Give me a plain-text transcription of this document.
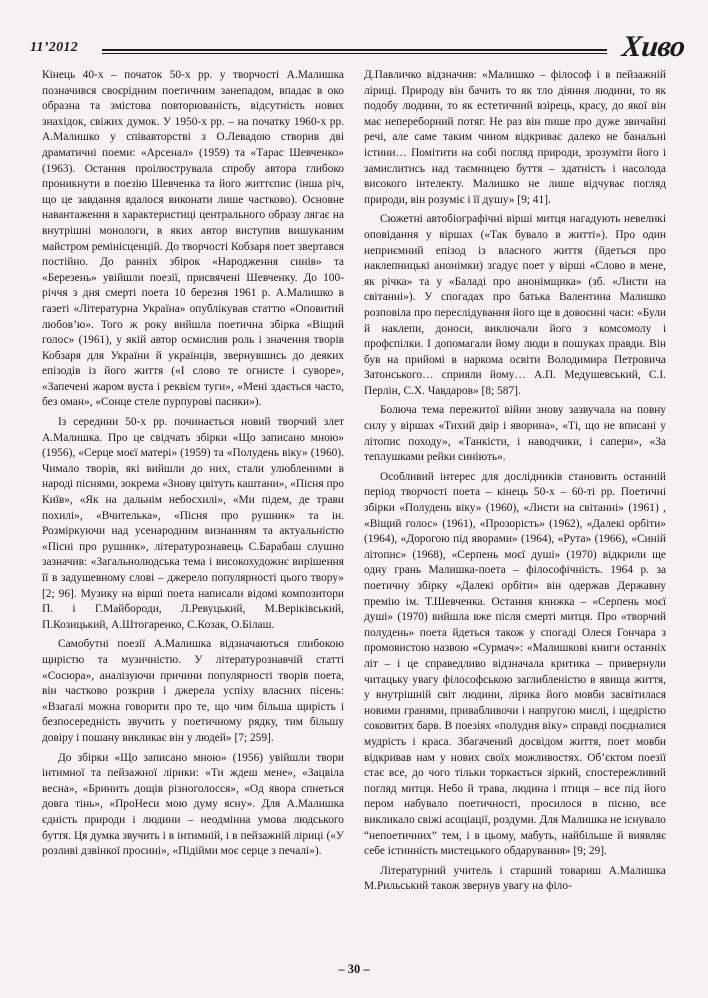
11’2012	Хиво

Кінець 40-х – початок 50-х рр. у творчості А.Малишка позначився своєрідним поетичним занепадом, впадає в око образна та змістова повторюваність, відсутність нових знахідок, свіжих думок. У 1950-х рр. – на початку 1960-х рр. А.Малишко у співавторстві з О.Левадою створив дві драматичні поеми: «Арсенал» (1959) та «Тарас Шевченко» (1963). Остання проілюструвала спробу автора глибоко проникнути в поезію Шевченка та його життєпис (інша річ, що це завдання вдалося виконати лише частково). Основне навантаження в характеристиці центрального образу лягає на внутрішні монологи, в яких автор виступив вишуканим майстром ремінісценцій. До творчості Кобзаря поет звертався постійно. До ранніх збірок «Народження синів» та «Березень» увійшли поезії, присвячені Шевченку. До 100-річчя з дня смерті поета 10 березня 1961 р. А.Малишко в газеті «Літературна Україна» опублікував статтю «Оповитий любов’ю». Того ж року вийшла поетична збірка «Віщий голос» (1961), у якій автор осмислив роль і значення творів Кобзаря для України й українців, звернувшись до деяких епізодів із його життя («І слово те огнисте і суворе», «Запечені жаром вуста і реквієм туги», «Мені здається часто, без оман», «Сонце стеле пурпурові пасики»).

Із середини 50-х рр. починається новий творчий злет А.Малишка. Про це свідчать збірки «Що записано мною» (1956), «Серце моєї матері» (1959) та «Полудень віку» (1960). Чимало творів, які вийшли до них, стали улюбленими в народі піснями, зокрема «Знову цвітуть каштани», «Пісня про Київ», «Як на дальнім небосхилі», «Ми підем, де трави похилі», «Вчителька», «Пісня про рушник» та ін. Розміркуючи над усенародним визнанням та актуальністю «Пісні про рушник», літературознавець С.Барабаш слушно зазначив: «Загальнолюдська тема і високохудожнє вирішення її в задушевному слові – джерело популярності цього твору» [2; 96]. Музику на вірші поета написали відомі композитори П. і Г.Майбороди, Л.Ревуцький, М.Веріківський, П.Козицький, А.Штогаренко, С.Козак, О.Білаш.

Самобутні поезії А.Малишка відзначаються глибокою щирістю та музичністю. У літературознавчій статті «Сосюра», аналізуючи причини популярності творів поета, він частково розкрив і джерела успіху власних пісень: «Взагалі можна говорити про те, що чим більша щирість і безпосередність звучить у поетичному рядку, тим більшу довіру і пошану викликає він у людей» [7; 259].

До збірки «Що записано мною» (1956) увійшли твори інтимної та пейзажної лірики: «Ти ждеш мене», «Зацвіла весна», «Бринить дощів різноголосся», «Од явора спнеться довга тінь», «ПроНеси мою думу ясну». Для А.Малишка єдність природи і людини – неодмінна умова людського буття. Ця думка звучить і в інтимній, і в пейзажній ліриці («У розливі дзвінкої просині», «Підійми моє серце з печалі»).

Д.Павличко відзначив: «Малишко – філософ і в пейзажній ліриці. Природу він бачить то як тло діяння людини, то як подобу людини, то як естетичний взірець, красу, до якої він має непереборний потяг. Не раз він пише про дуже звичайні речі, але саме таким чином відкриває далеко не банальні істини… Помітити на собі погляд природи, зрозуміти його і замислитись над таємницею буття – здатність і насолода високого інтелекту. Малишко не лише відчуває погляд природи, він розуміє і її душу» [9; 41].

Сюжетні автобіографічні вірші митця нагадують невеликі оповідання у віршах («Так бувало в житті»). Про один неприємний епізод із власного життя (йдеться про наклепницькі анонімки) згадує поет у вірші «Слово в мене, як річка» та у «Баладі про анонімщика» (зб. «Листи на світанні»). У спогадах про батька Валентина Малишко розповіла про переслідування його ще в довоєнні часи: «Були й наклепи, доноси, виключали його з комсомолу і профспілки. І допомагали йому люди в пошуках правди. Він був на прийомі в наркома освіти Володимира Петровича Затонського… сприяли йому… А.П. Медушевський, С.І. Перлін, С.Х. Чавдаров» [8; 587].

Болюча тема пережитої війни знову зазвучала на повну силу у віршах «Тихий двір і яворина», «Ті, що не вписані у літопис походу», «Танкісти, і наводчики, і сапери», «За теплушками рейки синіють».

Особливий інтерес для дослідників становить останній період творчості поета – кінець 50-х – 60-ті рр. Поетичні збірки «Полудень віку» (1960), «Листи на світанні» (1961) , «Віщий голос» (1961), «Прозорість» (1962), «Далекі орбіти» (1964), «Дорогою під яворами» (1964), «Рута» (1966), «Синій літопис» (1968), «Серпень моєї душі» (1970) відкрили ще одну грань Малишка-поета – філософічність. 1964 р. за поетичну збірку «Далекі орбіти» він одержав Державну премію ім. Т.Шевченка. Остання книжка – «Серпень моєї душі» (1970) вийшла вже після смерті митця. Про «творчий полудень» поета йдеться також у спогаді Олеся Гончара з промовистою назвою «Сурмач»: «Малишкові книги останніх літ – і це справедливо відзначала критика – привернули читацьку увагу філософською заглибленістю в явища життя, у внутрішній світ людини, лірика його мовби засвітилася новими гранями, привабливочи і напругою мислі, і щедрістю соковитих барв. В поезіях «полудня віку» справді поєдналися мудрість і краса. Збагачений досвідом життя, поет мовби відкривав нам у нових своїх можливостях. Об’єктом поезії стає все, до чого тільки торкається зіркий, спостережливий погляд митця. Небо й трава, людина і птиця – все під його пером набувало поетичності, просилося в пісню, все викликало свіжі асоціації, роздуми. Для Малишка не існувало “непоетичних” тем, і в цьому, мабуть, найбільше й виявляє себе істинність мистецького обдарування» [9; 29].

Літературний учитель і старший товариш А.Малишка М.Рильський також звернув увагу на філо-

– 30 –
